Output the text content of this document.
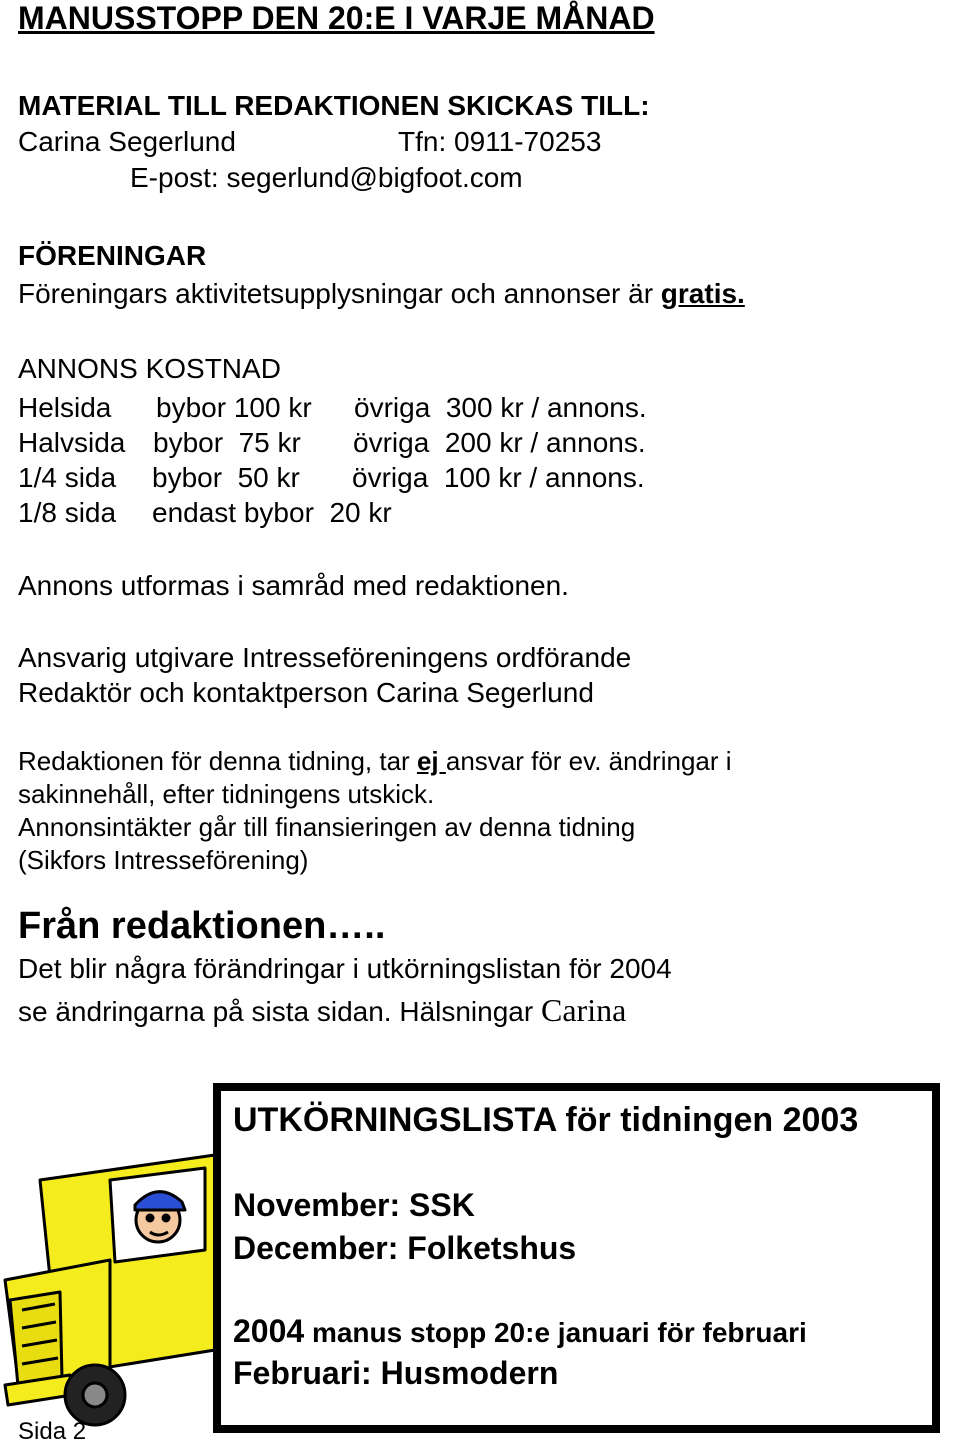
MANUSSTOPP DEN 20:E I VARJE MÅNAD
MATERIAL TILL REDAKTIONEN SKICKAS TILL:
Carina Segerlund	Tfn: 0911-70253
E-post: segerlund@bigfoot.com
FÖRENINGAR
Föreningars aktivitetsupplysningar och annonser är gratis.
ANNONS KOSTNAD
Helsida bybor 100 kr övriga  300 kr / annons.
Halvsida bybor  75 kr övriga  200 kr / annons.
1/4 sida bybor  50 kr övriga  100 kr / annons.
1/8 sida endast bybor  20 kr
Annons utformas i samråd med redaktionen.
Ansvarig utgivare Intresseföreningens ordförande
Redaktör och kontaktperson Carina Segerlund
Redaktionen för denna tidning, tar ej ansvar för ev. ändringar i
sakinnehåll, efter tidningens utskick.
Annonsintäkter går till finansieringen av denna tidning
(Sikfors Intresseförening)
Från redaktionen…..
Det blir några förändringar i utkörningslistan för 2004
se ändringarna på sista sidan. Hälsningar Carina
Sida 2
UTKÖRNINGSLISTA för tidningen 2003
November: SSK
December: Folketshus
2004 manus stopp 20:e januari för februari
Februari: Husmodern
